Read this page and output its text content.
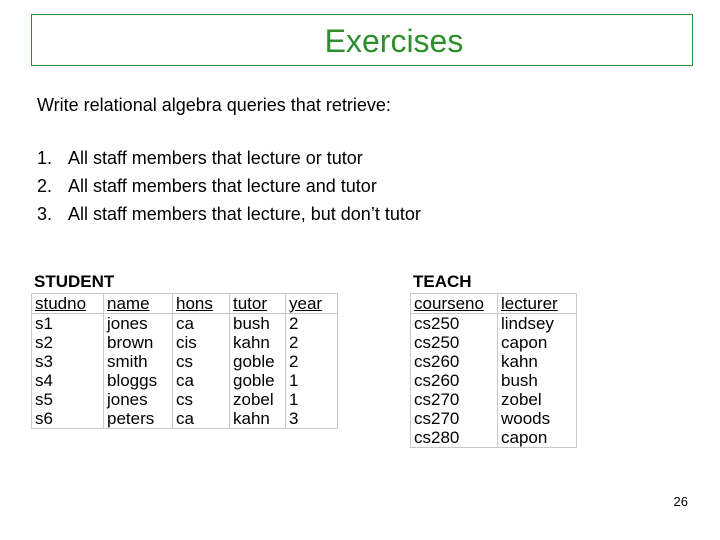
Exercises
Write relational algebra queries that retrieve:
1. All staff members that lecture or tutor
2. All staff members that lecture and tutor
3. All staff members that lecture, but don’t tutor
STUDENT
studno	name	hons	tutor	year
s1	jones	ca	bush	2
s2	brown	cis	kahn	2
s3	smith	cs	goble	2
s4	bloggs	ca	goble	1
s5	jones	cs	zobel	1
s6	peters	ca	kahn	3
TEACH
courseno	lecturer
cs250	lindsey
cs250	capon
cs260	kahn
cs260	bush
cs270	zobel
cs270	woods
cs280	capon
26
